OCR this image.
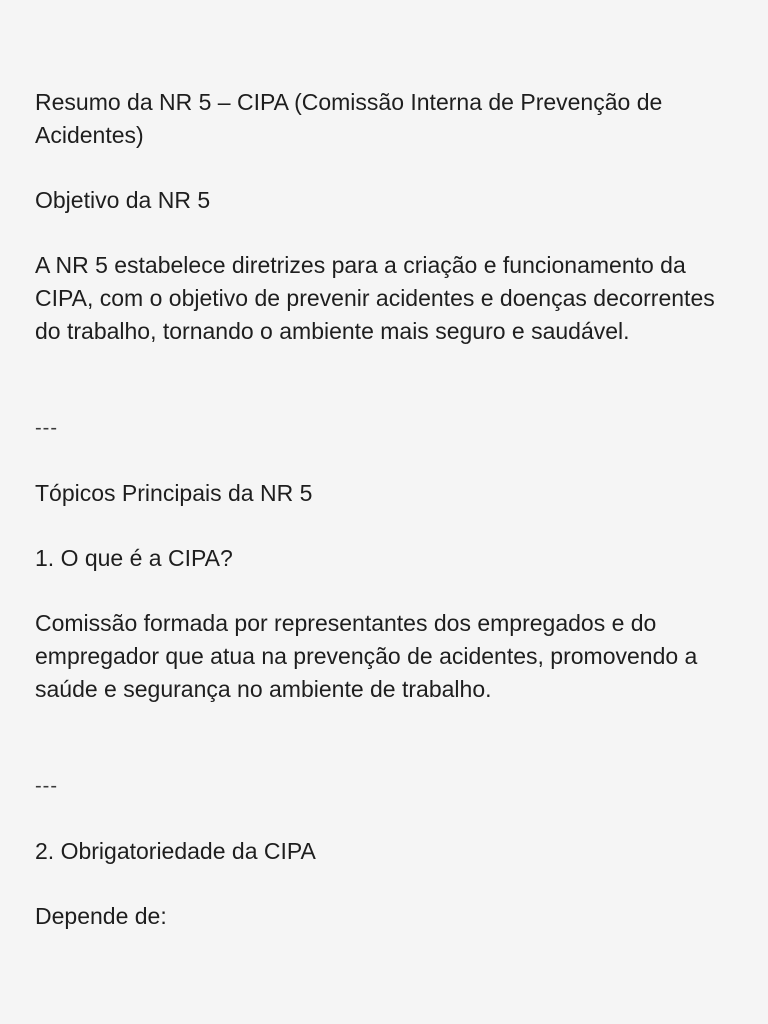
Resumo da NR 5 – CIPA (Comissão Interna de Prevenção de Acidentes)

Objetivo da NR 5

A NR 5 estabelece diretrizes para a criação e funcionamento da CIPA, com o objetivo de prevenir acidentes e doenças decorrentes do trabalho, tornando o ambiente mais seguro e saudável.

---

Tópicos Principais da NR 5

1. O que é a CIPA?

Comissão formada por representantes dos empregados e do empregador que atua na prevenção de acidentes, promovendo a saúde e segurança no ambiente de trabalho.

---

2. Obrigatoriedade da CIPA

Depende de:
